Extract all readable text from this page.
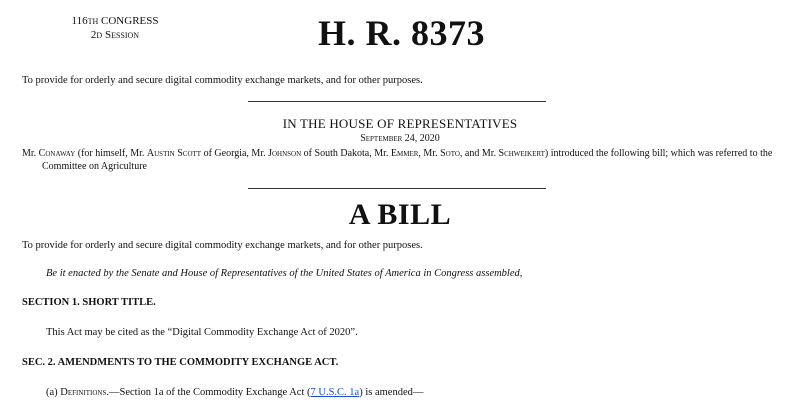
116th CONGRESS
2d Session	H. R. 8373
To provide for orderly and secure digital commodity exchange markets, and for other purposes.
IN THE HOUSE OF REPRESENTATIVES
September 24, 2020
Mr. Conaway (for himself, Mr. Austin Scott of Georgia, Mr. Johnson of South Dakota, Mr. Emmer, Mr. Soto, and Mr. Schweikert) introduced the following bill; which was referred to the Committee on Agriculture
A BILL
To provide for orderly and secure digital commodity exchange markets, and for other purposes.
Be it enacted by the Senate and House of Representatives of the United States of America in Congress assembled,
SECTION 1. SHORT TITLE.
This Act may be cited as the “Digital Commodity Exchange Act of 2020”.
SEC. 2. AMENDMENTS TO THE COMMODITY EXCHANGE ACT.
(a) Definitions.—Section 1a of the Commodity Exchange Act (7 U.S.C. 1a) is amended—
